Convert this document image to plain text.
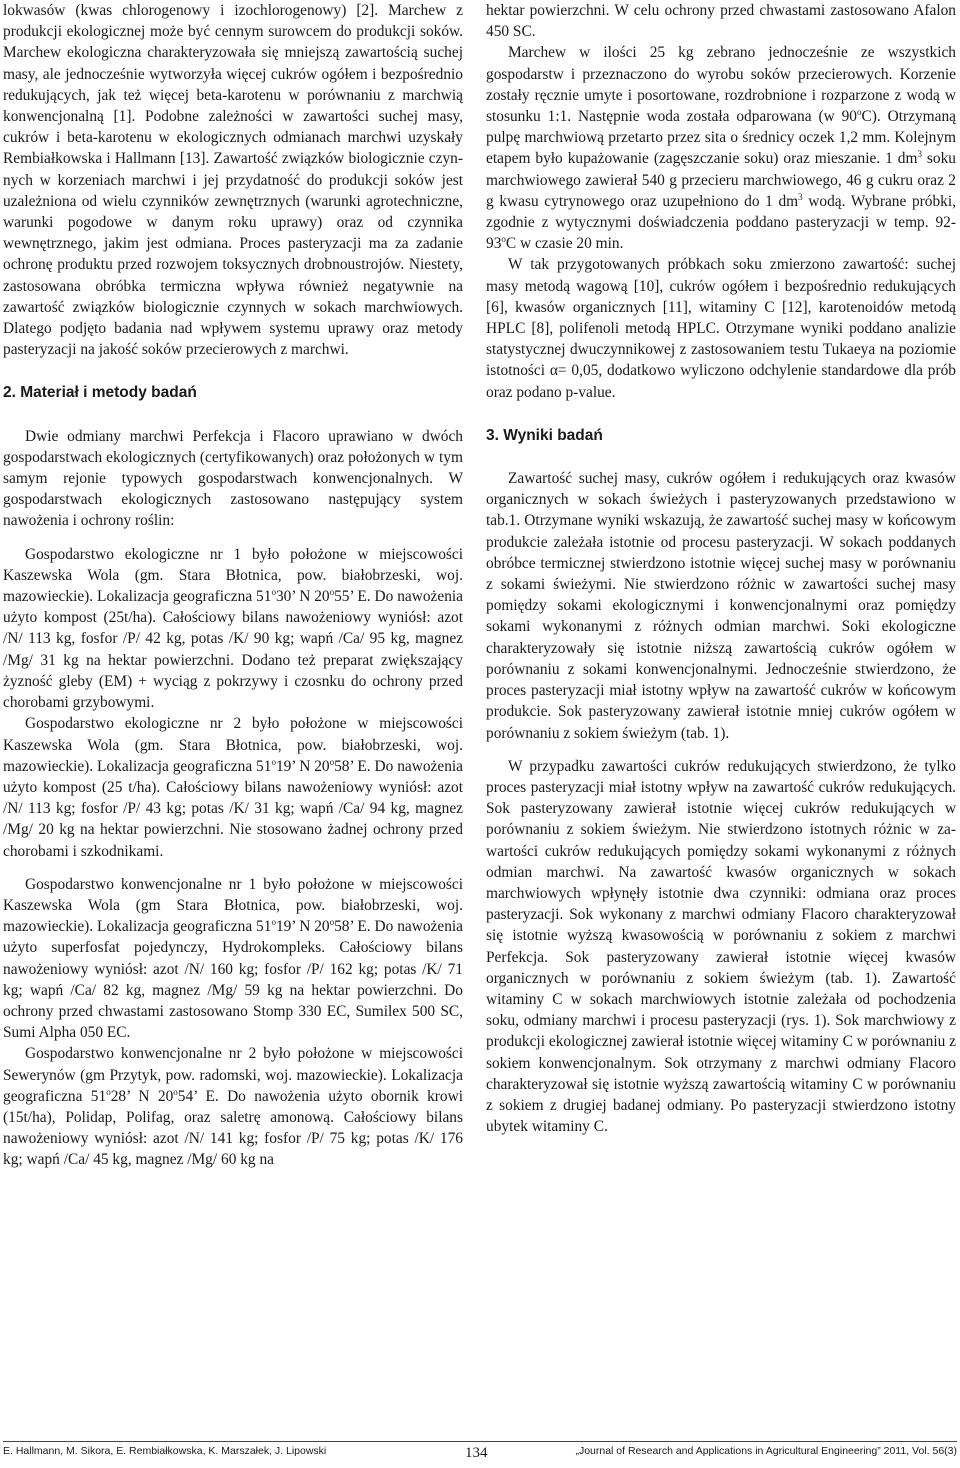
lokwasów (kwas chlorogenowy i izochlorogenowy) [2]. Marchew z produkcji ekologicznej może być cennym surowcem do produkcji soków. Marchew ekologiczna charakteryzowała się mniejszą zawartością suchej masy, ale jednocześnie wytworzyła więcej cukrów ogółem i bezpośrednio redukujących, jak też więcej beta-karotenu w porównaniu z marchwią konwencjonalną [1]. Podobne zależności w zawartości suchej masy, cukrów i beta-karotenu w ekologicznych odmianach marchwi uzyskały Rembiałkowska i Hallmann [13]. Zawartość związków biologicznie czynnych w korzeniach marchwi i jej przydatność do produkcji soków jest uzależniona od wielu czynników zewnętrznych (warunki agrotechniczne, warunki pogodowe w danym roku uprawy) oraz od czynnika wewnętrznego, jakim jest odmiana. Proces pasteryzacji ma za zadanie ochronę produktu przed rozwojem toksycznych drobnoustrojów. Niestety, zastosowana obróbka termiczna wpływa również negatywnie na zawartość związków biologicznie czynnych w sokach marchwiowych. Dlatego podjęto badania nad wpływem systemu uprawy oraz metody pasteryzacji na jakość soków przecierowych z marchwi.

2. Materiał i metody badań

Dwie odmiany marchwi Perfekcja i Flacoro uprawiano w dwóch gospodarstwach ekologicznych (certyfikowanych) oraz położonych w tym samym rejonie typowych gospodarstwach konwencjonalnych. W gospodarstwach ekologicznych zastosowano następujący system nawożenia i ochrony roślin:

Gospodarstwo ekologiczne nr 1 było położone w miejscowości Kaszewska Wola (gm. Stara Błotnica, pow. białobrzeski, woj. mazowieckie). Lokalizacja geograficzna 51$^o$30’ N 20$^o$55’ E. Do nawożenia użyto kompost (25t/ha). Całościowy bilans nawożeniowy wyniósł: azot /N/ 113 kg, fosfor /P/ 42 kg, potas /K/ 90 kg; wapń /Ca/ 95 kg, magnez /Mg/ 31 kg na hektar powierzchni. Dodano też preparat zwiększający żyzność gleby (EM) + wyciąg z pokrzywy i czosnku do ochrony przed chorobami grzybowymi.

Gospodarstwo ekologiczne nr 2 było położone w miejscowości Kaszewska Wola (gm. Stara Błotnica, pow. białobrzeski, woj. mazowieckie). Lokalizacja geograficzna 51$^o$19’ N 20$^o$58’ E. Do nawożenia użyto kompost (25 t/ha). Całościowy bilans nawożeniowy wyniósł: azot /N/ 113 kg; fosfor /P/ 43 kg; potas /K/ 31 kg; wapń /Ca/ 94 kg, magnez /Mg/ 20 kg na hektar powierzchni. Nie stosowano żadnej ochrony przed chorobami i szkodnikami.

Gospodarstwo konwencjonalne nr 1 było położone w miejscowości Kaszewska Wola (gm Stara Błotnica, pow. białobrzeski, woj. mazowieckie). Lokalizacja geograficzna 51$^o$19’ N 20$^o$58’ E. Do nawożenia użyto superfosfat pojedynczy, Hydrokompleks. Całościowy bilans nawożeniowy wyniósł: azot /N/ 160 kg; fosfor /P/ 162 kg; potas /K/ 71 kg; wapń /Ca/ 82 kg, magnez /Mg/ 59 kg na hektar powierzchni. Do ochrony przed chwastami zastosowano Stomp 330 EC, Sumilex 500 SC, Sumi Alpha 050 EC.

Gospodarstwo konwencjonalne nr 2 było położone w miejscowości Sewerynów (gm Przytyk, pow. radomski, woj. mazowieckie). Lokalizacja geograficzna 51$^o$28’ N 20$^o$54’ E. Do nawożenia użyto obornik krowi (15t/ha), Polidap, Polifag, oraz saletrę amonową. Całościowy bilans nawożeniowy wyniósł: azot /N/ 141 kg; fosfor /P/ 75 kg; potas /K/ 176 kg; wapń /Ca/ 45 kg, magnez /Mg/ 60 kg na

hektar powierzchni. W celu ochrony przed chwastami zastosowano Afalon 450 SC.

Marchew w ilości 25 kg zebrano jednocześnie ze wszystkich gospodarstw i przeznaczono do wyrobu soków przecierowych. Korzenie zostały ręcznie umyte i posortowane, rozdrobnione i rozparzone z wodą w stosunku 1:1. Następnie woda została odparowana (w 90$^o$C). Otrzymaną pulpę marchwiową przetarto przez sita o średnicy oczek 1,2 mm. Kolejnym etapem było kupażowanie (zagęszczanie soku) oraz mieszanie. 1 $dm^3$ soku marchwiowego zawierał 540 g przecieru marchwiowego, 46 g cukru oraz 2 g kwasu cytrynowego oraz uzupełniono do 1 $dm^3$ wodą. Wybrane próbki, zgodnie z wytycznymi doświadczenia poddano pasteryzacji w temp. 92-93$^o$C w czasie 20 min.

W tak przygotowanych próbkach soku zmierzono zawartość: suchej masy metodą wagową [10], cukrów ogółem i bezpośrednio redukujących [6], kwasów organicznych [11], witaminy C [12], karotenoidów metodą HPLC [8], polifenoli metodą HPLC. Otrzymane wyniki poddano analizie statystycznej dwuczynnikowej z zastosowaniem testu Tukaeya na poziomie istotności α= 0,05, dodatkowo wyliczono odchylenie standardowe dla prób oraz podano p-value.

3. Wyniki badań

Zawartość suchej masy, cukrów ogółem i redukujących oraz kwasów organicznych w sokach świeżych i pasteryzowanych przedstawiono w tab.1. Otrzymane wyniki wskazują, że zawartość suchej masy w końcowym produkcie zależała istotnie od procesu pasteryzacji. W sokach poddanych obróbce termicznej stwierdzono istotnie więcej suchej masy w porównaniu z sokami świeżymi. Nie stwierdzono różnic w zawartości suchej masy pomiędzy sokami ekologicznymi i konwencjonalnymi oraz pomiędzy sokami wykonanymi z różnych odmian marchwi. Soki ekologiczne charakteryzowały się istotnie niższą zawartością cukrów ogółem w porównaniu z sokami konwencjonalnymi. Jednocześnie stwierdzono, że proces pasteryzacji miał istotny wpływ na zawartość cukrów w końcowym produkcie. Sok pasteryzowany zawierał istotnie mniej cukrów ogółem w porównaniu z sokiem świeżym (tab. 1).

W przypadku zawartości cukrów redukujących stwierdzono, że tylko proces pasteryzacji miał istotny wpływ na zawartość cukrów redukujących. Sok pasteryzowany zawierał istotnie więcej cukrów redukujących w porównaniu z sokiem świeżym. Nie stwierdzono istotnych różnic w zawartości cukrów redukujących pomiędzy sokami wykonanymi z różnych odmian marchwi. Na zawartość kwasów organicznych w sokach marchwiowych wpłynęły istotnie dwa czynniki: odmiana oraz proces pasteryzacji. Sok wykonany z marchwi odmiany Flacoro charakteryzował się istotnie wyższą kwasowością w porównaniu z sokiem z marchwi Perfekcja. Sok pasteryzowany zawierał istotnie więcej kwasów organicznych w porównaniu z sokiem świeżym (tab. 1). Zawartość witaminy C w sokach marchwiowych istotnie zależała od pochodzenia soku, odmiany marchwi i procesu pasteryzacji (rys. 1). Sok marchwiowy z produkcji ekologicznej zawierał istotnie więcej witaminy C w porównaniu z sokiem konwencjonalnym. Sok otrzymany z marchwi odmiany Flacoro charakteryzował się istotnie wyższą zawartością witaminy C w porównaniu z sokiem z drugiej badanej odmiany. Po pasteryzacji stwierdzono istotny ubytek witaminy C.

E. Hallmann, M. Sikora, E. Rembiałkowska, K. Marszałek, J. Lipowski	134	„Journal of Research and Applications in Agricultural Engineering” 2011, Vol. 56(3)
